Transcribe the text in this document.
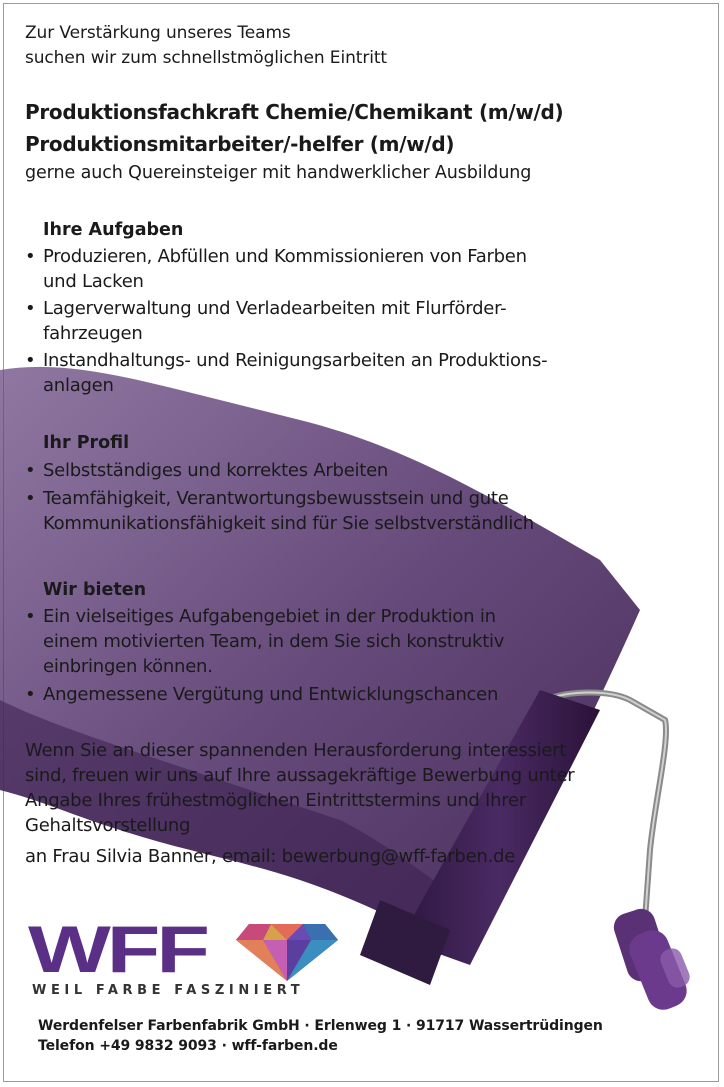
Zur Verstärkung unseres Teams
suchen wir zum schnellstmöglichen Eintritt
Produktionsfachkraft Chemie/Chemikant (m/w/d)
Produktionsmitarbeiter/-helfer (m/w/d)
gerne auch Quereinsteiger mit handwerklicher Ausbildung
Ihre Aufgaben
• Produzieren, Abfüllen und Kommissionieren von Farben
und Lacken
• Lagerverwaltung und Verladearbeiten mit Flurförder-
fahrzeugen
• Instandhaltungs- und Reinigungsarbeiten an Produktions-
anlagen
Ihr Profil
• Selbstständiges und korrektes Arbeiten
• Teamfähigkeit, Verantwortungsbewusstsein und gute
Kommunikationsfähigkeit sind für Sie selbstverständlich
Wir bieten
• Ein vielseitiges Aufgabengebiet in der Produktion in
einem motivierten Team, in dem Sie sich konstruktiv
einbringen können.
• Angemessene Vergütung und Entwicklungschancen
Wenn Sie an dieser spannenden Herausforderung interessiert
sind, freuen wir uns auf Ihre aussagekräftige Bewerbung unter
Angabe Ihres frühestmöglichen Eintrittstermins und Ihrer
Gehaltsvorstellung
an Frau Silvia Banner, email: bewerbung@wff-farben.de
WFF
WEIL FARBE FASZINIERT
Werdenfelser Farbenfabrik GmbH · Erlenweg 1 · 91717 Wassertrüdingen
Telefon +49 9832 9093 · wff-farben.de
